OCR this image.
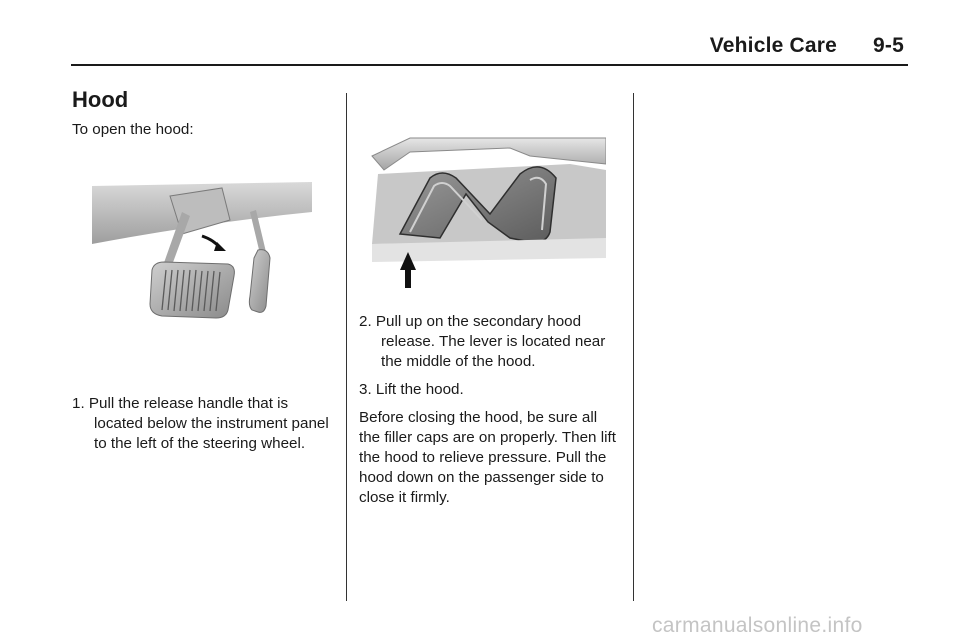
Vehicle Care 9-5
Hood

To open the hood:

1. Pull the release handle that is located below the instrument panel to the left of the steering wheel.

2. Pull up on the secondary hood release. The lever is located near the middle of the hood.

3. Lift the hood.

Before closing the hood, be sure all the filler caps are on properly. Then lift the hood to relieve pressure. Pull the hood down on the passenger side to close it firmly.

carmanualsonline.info
